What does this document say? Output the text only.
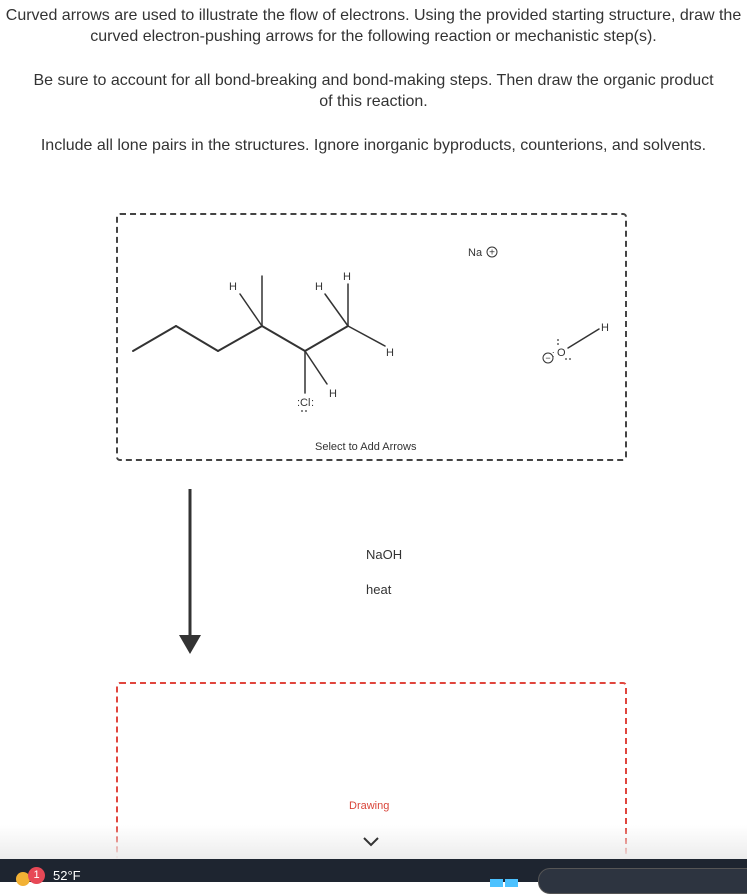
Curved arrows are used to illustrate the flow of electrons. Using the provided starting structure, draw the curved electron-pushing arrows for the following reaction or mechanistic step(s).
Be sure to account for all bond-breaking and bond-making steps. Then draw the organic product of this reaction.
Include all lone pairs in the structures. Ignore inorganic byproducts, counterions, and solvents.
H	H
H
H
H
H
: Cl :
− : O
Na +
Select to Add Arrows
NaOH
heat
Drawing
1	52°F
